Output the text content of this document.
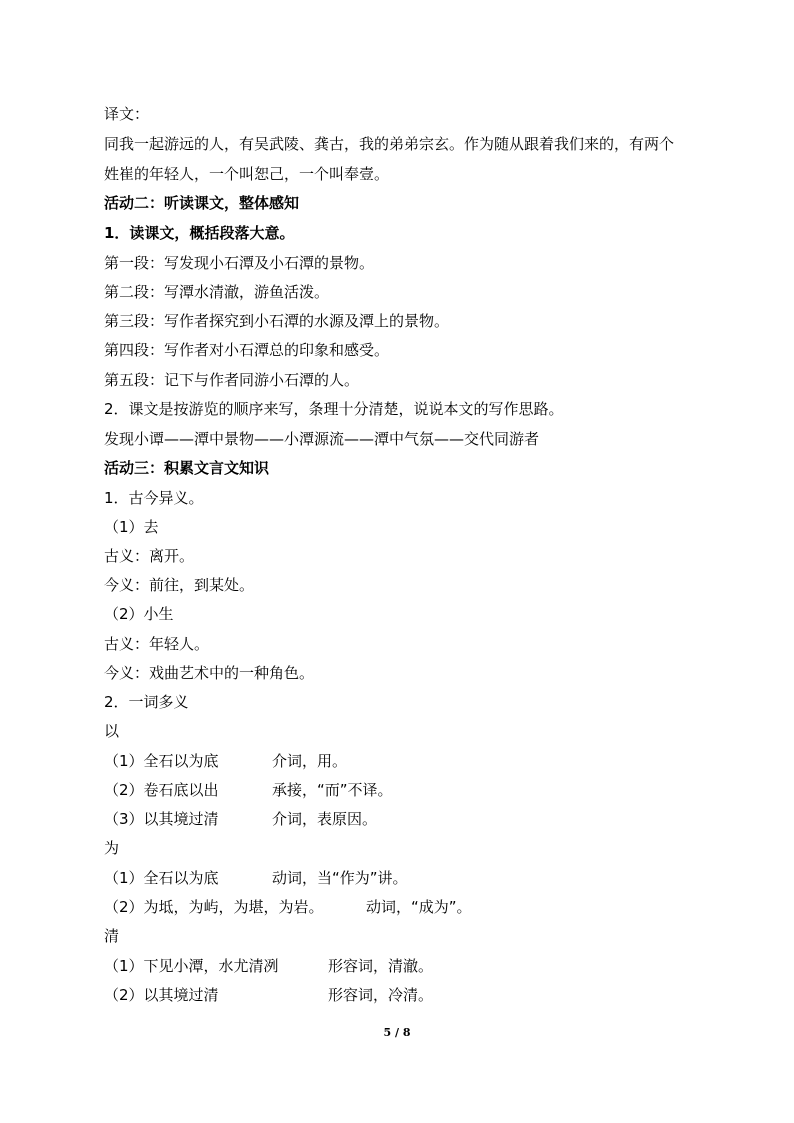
译文：
同我一起游远的人，有吴武陵、龚古，我的弟弟宗玄。作为随从跟着我们来的，有两个
姓崔的年轻人，一个叫恕己，一个叫奉壹。
活动二：听读课文，整体感知
1．读课文，概括段落大意。
第一段：写发现小石潭及小石潭的景物。
第二段：写潭水清澈，游鱼活泼。
第三段：写作者探究到小石潭的水源及潭上的景物。
第四段：写作者对小石潭总的印象和感受。
第五段：记下与作者同游小石潭的人。
2．课文是按游览的顺序来写，条理十分清楚，说说本文的写作思路。
发现小谭——潭中景物——小潭源流——潭中气氛——交代同游者
活动三：积累文言文知识
1．古今异义。
（1）去
古义：离开。
今义：前往，到某处。
（2）小生
古义：年轻人。
今义：戏曲艺术中的一种角色。
2．一词多义
以
（1）全石以为底	介词，用。
（2）卷石底以出	承接，“而”不译。
（3）以其境过清	介词，表原因。
为
（1）全石以为底	动词，当“作为”讲。
（2）为坻，为屿，为堪，为岩。	动词，“成为”。
清
（1）下见小潭，水尤清冽	形容词，清澈。
（2）以其境过清	形容词，冷清。
5 / 8
